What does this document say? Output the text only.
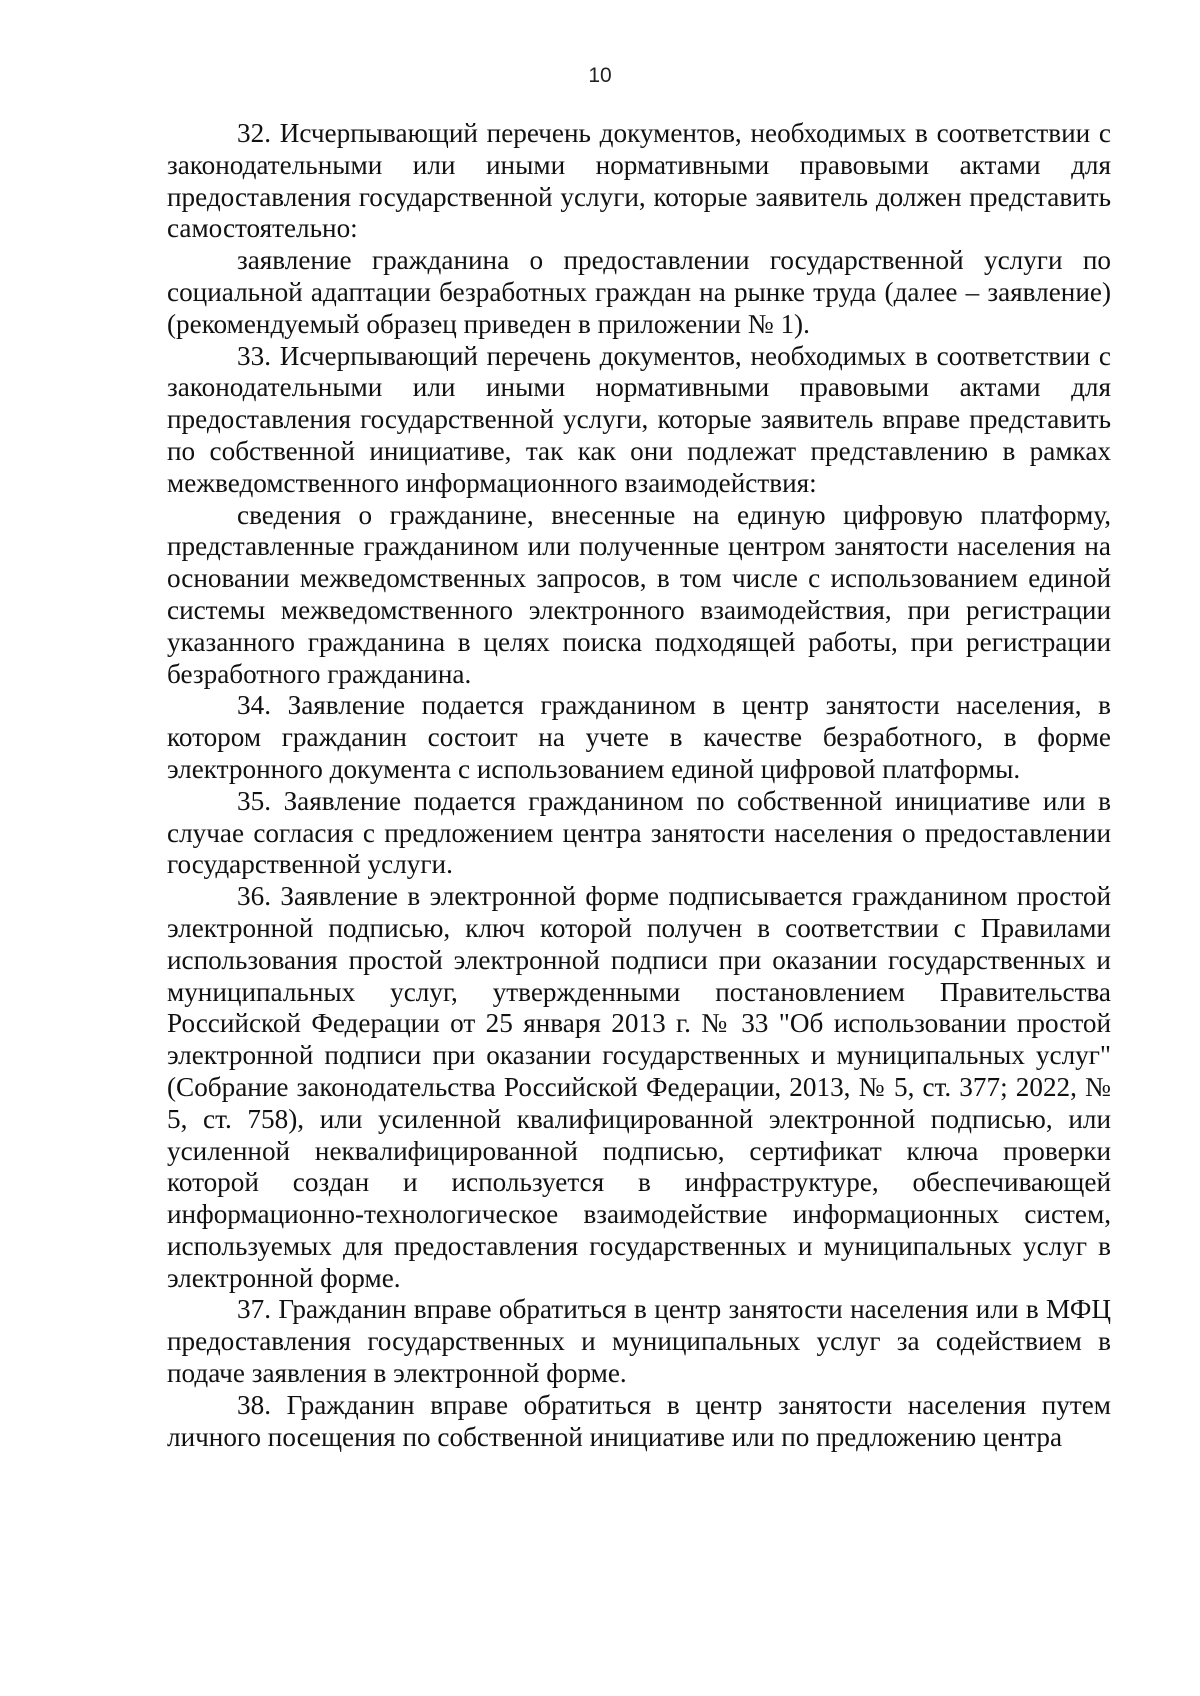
10

32. Исчерпывающий перечень документов, необходимых в соответствии с законодательными или иными нормативными правовыми актами для предоставления государственной услуги, которые заявитель должен представить самостоятельно:

заявление гражданина о предоставлении государственной услуги по социальной адаптации безработных граждан на рынке труда (далее – заявление) (рекомендуемый образец приведен в приложении № 1).

33. Исчерпывающий перечень документов, необходимых в соответствии с законодательными или иными нормативными правовыми актами для предоставления государственной услуги, которые заявитель вправе представить по собственной инициативе, так как они подлежат представлению в рамках межведомственного информационного взаимодействия:

сведения о гражданине, внесенные на единую цифровую платформу, представленные гражданином или полученные центром занятости населения на основании межведомственных запросов, в том числе с использованием единой системы межведомственного электронного взаимодействия, при регистрации указанного гражданина в целях поиска подходящей работы, при регистрации безработного гражданина.

34. Заявление подается гражданином в центр занятости населения, в котором гражданин состоит на учете в качестве безработного, в форме электронного документа с использованием единой цифровой платформы.

35. Заявление подается гражданином по собственной инициативе или в случае согласия с предложением центра занятости населения о предоставлении государственной услуги.

36. Заявление в электронной форме подписывается гражданином простой электронной подписью, ключ которой получен в соответствии с Правилами использования простой электронной подписи при оказании государственных и муниципальных услуг, утвержденными постановлением Правительства Российской Федерации от 25 января 2013 г. № 33 "Об использовании простой электронной подписи при оказании государственных и муниципальных услуг" (Собрание законодательства Российской Федерации, 2013, № 5, ст. 377; 2022, № 5, ст. 758), или усиленной квалифицированной электронной подписью, или усиленной неквалифицированной подписью, сертификат ключа проверки которой создан и используется в инфраструктуре, обеспечивающей информационно-технологическое взаимодействие информационных систем, используемых для предоставления государственных и муниципальных услуг в электронной форме.

37. Гражданин вправе обратиться в центр занятости населения или в МФЦ предоставления государственных и муниципальных услуг за содействием в подаче заявления в электронной форме.

38. Гражданин вправе обратиться в центр занятости населения путем личного посещения по собственной инициативе или по предложению центра
